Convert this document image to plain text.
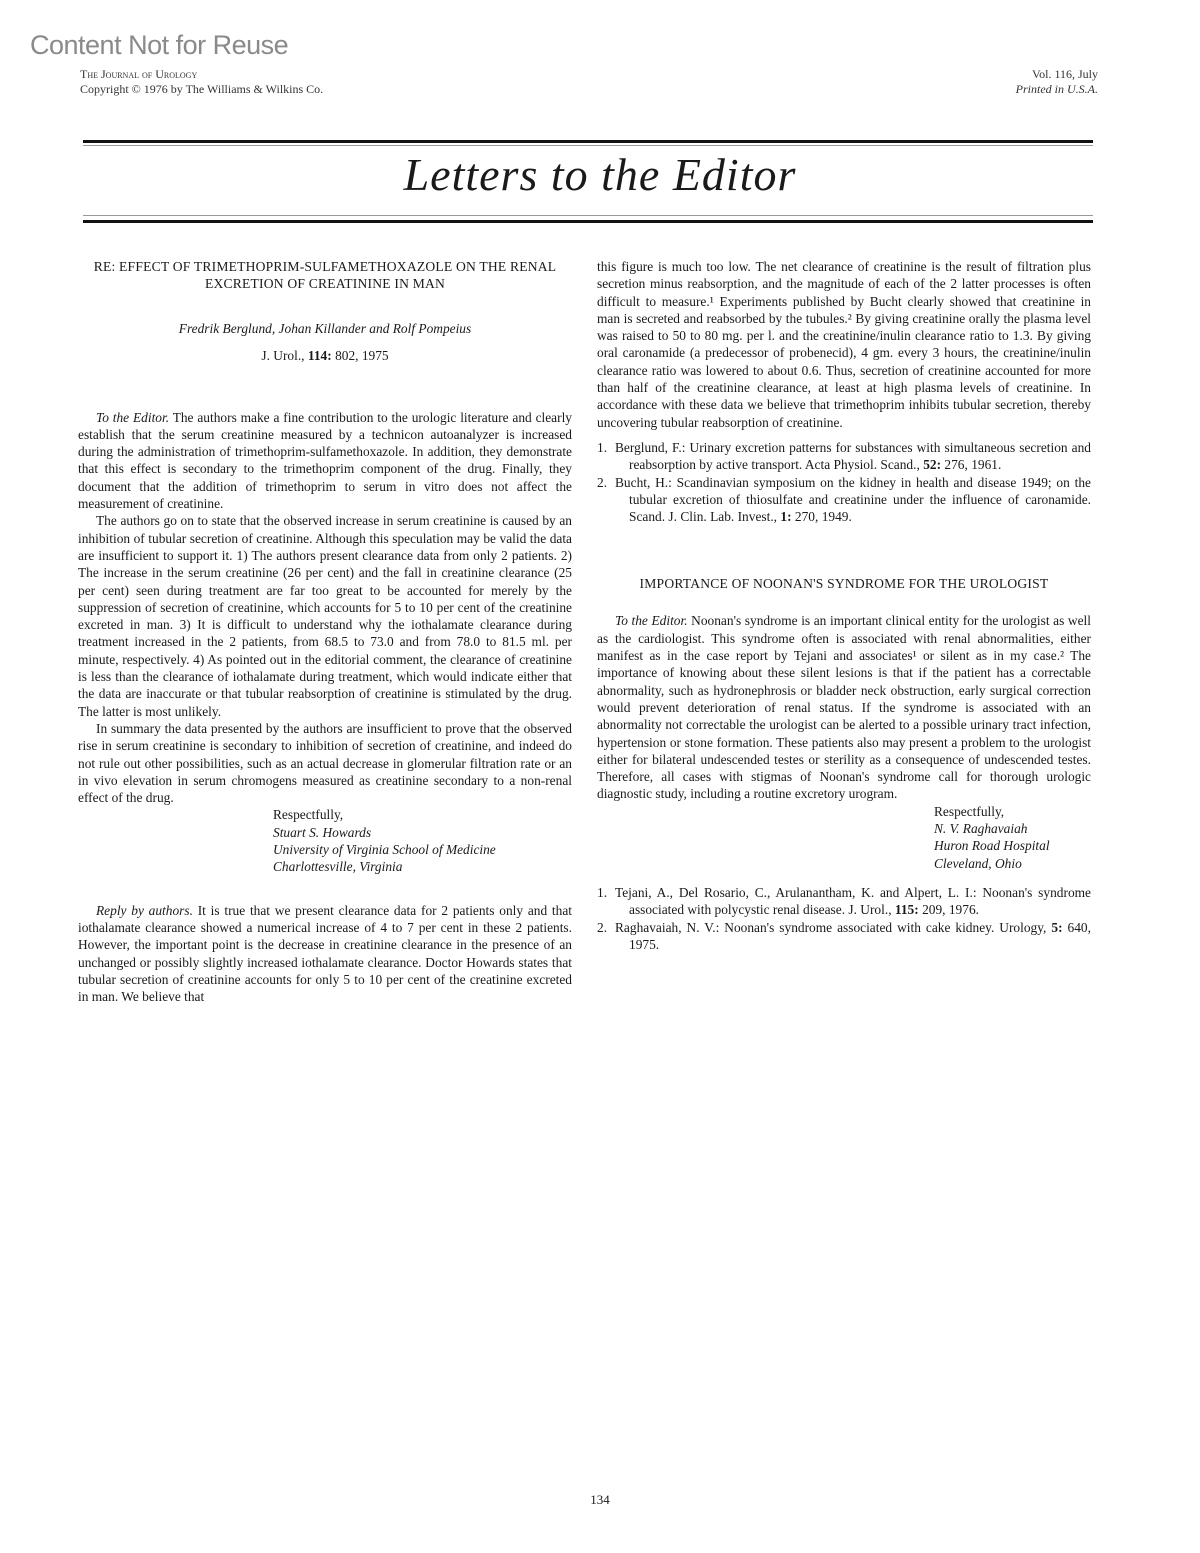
Content Not for Reuse
The Journal of Urology
Copyright © 1976 by The Williams & Wilkins Co.
Vol. 116, July
Printed in U.S.A.
Letters to the Editor
RE: EFFECT OF TRIMETHOPRIM-SULFAMETHOXAZOLE ON THE RENAL EXCRETION OF CREATININE IN MAN
Fredrik Berglund, Johan Killander and Rolf Pompeius
J. Urol., 114: 802, 1975

To the Editor. The authors make a fine contribution to the urologic literature and clearly establish that the serum creatinine measured by a technicon autoanalyzer is increased during the administration of trimethoprim-sulfamethoxazole. In addition, they demonstrate that this effect is secondary to the trimethoprim component of the drug. Finally, they document that the addition of trimethoprim to serum in vitro does not affect the measurement of creatinine.

The authors go on to state that the observed increase in serum creatinine is caused by an inhibition of tubular secretion of creatinine. Although this speculation may be valid the data are insufficient to support it. 1) The authors present clearance data from only 2 patients. 2) The increase in the serum creatinine (26 per cent) and the fall in creatinine clearance (25 per cent) seen during treatment are far too great to be accounted for merely by the suppression of secretion of creatinine, which accounts for 5 to 10 per cent of the creatinine excreted in man. 3) It is difficult to understand why the iothalamate clearance during treatment increased in the 2 patients, from 68.5 to 73.0 and from 78.0 to 81.5 ml. per minute, respectively. 4) As pointed out in the editorial comment, the clearance of creatinine is less than the clearance of iothalamate during treatment, which would indicate either that the data are inaccurate or that tubular reabsorption of creatinine is stimulated by the drug. The latter is most unlikely.

In summary the data presented by the authors are insufficient to prove that the observed rise in serum creatinine is secondary to inhibition of secretion of creatinine, and indeed do not rule out other possibilities, such as an actual decrease in glomerular filtration rate or an in vivo elevation in serum chromogens measured as creatinine secondary to a non-renal effect of the drug.

Respectfully,
Stuart S. Howards
University of Virginia School of Medicine
Charlottesville, Virginia

Reply by authors. It is true that we present clearance data for 2 patients only and that iothalamate clearance showed a numerical increase of 4 to 7 per cent in these 2 patients. However, the important point is the decrease in creatinine clearance in the presence of an unchanged or possibly slightly increased iothalamate clearance. Doctor Howards states that tubular secretion of creatinine accounts for only 5 to 10 per cent of the creatinine excreted in man. We believe that

this figure is much too low. The net clearance of creatinine is the result of filtration plus secretion minus reabsorption, and the magnitude of each of the 2 latter processes is often difficult to measure.¹ Experiments published by Bucht clearly showed that creatinine in man is secreted and reabsorbed by the tubules.² By giving creatinine orally the plasma level was raised to 50 to 80 mg. per l. and the creatinine/inulin clearance ratio to 1.3. By giving oral caronamide (a predecessor of probenecid), 4 gm. every 3 hours, the creatinine/inulin clearance ratio was lowered to about 0.6. Thus, secretion of creatinine accounted for more than half of the creatinine clearance, at least at high plasma levels of creatinine. In accordance with these data we believe that trimethoprim inhibits tubular secretion, thereby uncovering tubular reabsorption of creatinine.

1. Berglund, F.: Urinary excretion patterns for substances with simultaneous secretion and reabsorption by active transport. Acta Physiol. Scand., 52: 276, 1961.
2. Bucht, H.: Scandinavian symposium on the kidney in health and disease 1949; on the tubular excretion of thiosulfate and creatinine under the influence of caronamide. Scand. J. Clin. Lab. Invest., 1: 270, 1949.
IMPORTANCE OF NOONAN'S SYNDROME FOR THE UROLOGIST

To the Editor. Noonan's syndrome is an important clinical entity for the urologist as well as the cardiologist. This syndrome often is associated with renal abnormalities, either manifest as in the case report by Tejani and associates¹ or silent as in my case.² The importance of knowing about these silent lesions is that if the patient has a correctable abnormality, such as hydronephrosis or bladder neck obstruction, early surgical correction would prevent deterioration of renal status. If the syndrome is associated with an abnormality not correctable the urologist can be alerted to a possible urinary tract infection, hypertension or stone formation. These patients also may present a problem to the urologist either for bilateral undescended testes or sterility as a consequence of undescended testes. Therefore, all cases with stigmas of Noonan's syndrome call for thorough urologic diagnostic study, including a routine excretory urogram.

Respectfully,
N. V. Raghavaiah
Huron Road Hospital
Cleveland, Ohio
1. Tejani, A., Del Rosario, C., Arulanantham, K. and Alpert, L. I.: Noonan's syndrome associated with polycystic renal disease. J. Urol., 115: 209, 1976.
2. Raghavaiah, N. V.: Noonan's syndrome associated with cake kidney. Urology, 5: 640, 1975.
134
